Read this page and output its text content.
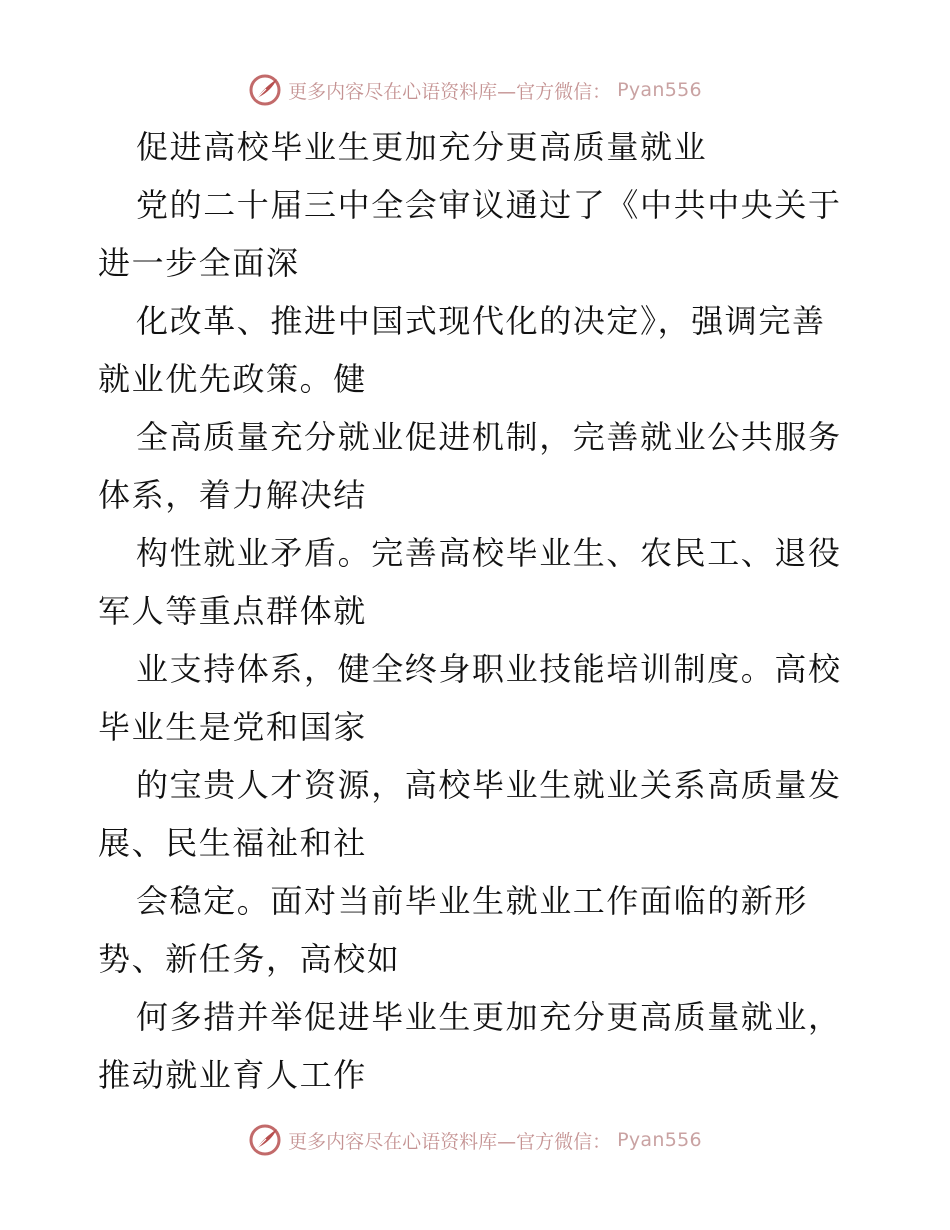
更多内容尽在心语资料库—官方微信： Pyan556
促进高校毕业生更加充分更高质量就业
党的二十届三中全会审议通过了《中共中央关于
进一步全面深
化改革、推进中国式现代化的决定》，强调完善
就业优先政策。健
全高质量充分就业促进机制，完善就业公共服务
体系，着力解决结
构性就业矛盾。完善高校毕业生、农民工、退役
军人等重点群体就
业支持体系，健全终身职业技能培训制度。高校
毕业生是党和国家
的宝贵人才资源，高校毕业生就业关系高质量发
展、民生福祉和社
会稳定。面对当前毕业生就业工作面临的新形
势、新任务，高校如
何多措并举促进毕业生更加充分更高质量就业，
推动就业育人工作
更多内容尽在心语资料库—官方微信： Pyan556
